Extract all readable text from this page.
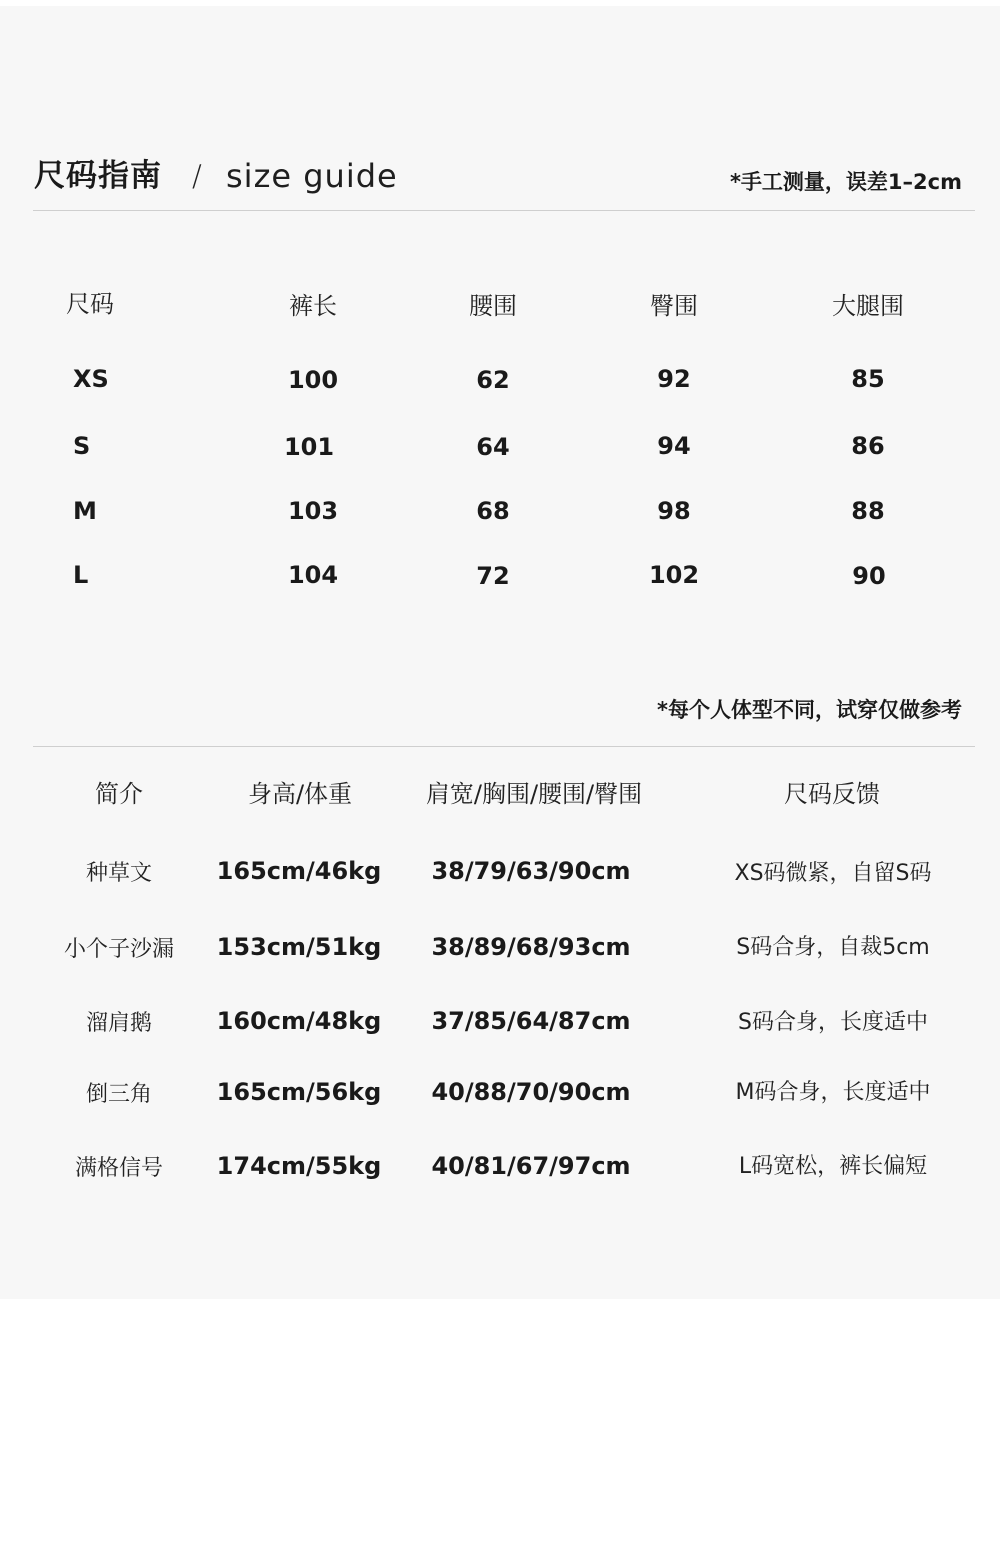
尺码指南 / size guide	*手工测量，误差1–2cm
尺码	裤长	腰围	臀围	大腿围
XS	100	62	92	85
S	101	64	94	86
M	103	68	98	88
L	104	72	102	90
*每个人体型不同，试穿仅做参考
简介	身高/体重	肩宽/胸围/腰围/臀围	尺码反馈
种草文	165cm/46kg 38/79/63/90cm	XS码微紧，自留S码
小个子沙漏 153cm/51kg 38/89/68/93cm	S码合身，自裁5cm
溜肩鹅	160cm/48kg 37/85/64/87cm	S码合身，长度适中
倒三角	165cm/56kg 40/88/70/90cm	M码合身，长度适中
满格信号 174cm/55kg 40/81/67/97cm	L码宽松，裤长偏短
